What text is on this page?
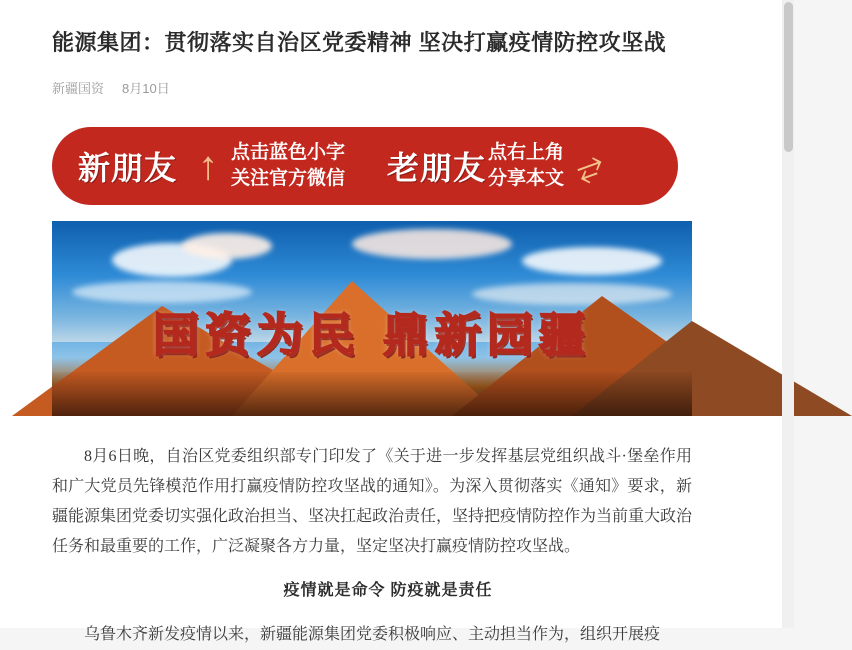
能源集团：贯彻落实自治区党委精神 坚决打赢疫情防控攻坚战
新疆国资 8月10日
新朋友 ↑ 点击蓝色小字
关注官方微信 老朋友 点右上角
分享本文 ⥂
国资为民 鼎新园疆

8月6日晚，自治区党委组织部专门印发了《关于进一步发挥基层党组织战斗·堡垒作用和广大党员先锋模范作用打赢疫情防控攻坚战的通知》。为深入贯彻落实《通知》要求，新疆能源集团党委切实强化政治担当、坚决扛起政治责任，坚持把疫情防控作为当前重大政治任务和最重要的工作，广泛凝聚各方力量，坚定坚决打赢疫情防控攻坚战。

疫情就是命令 防疫就是责任

乌鲁木齐新发疫情以来，新疆能源集团党委积极响应、主动担当作为，组织开展疫
